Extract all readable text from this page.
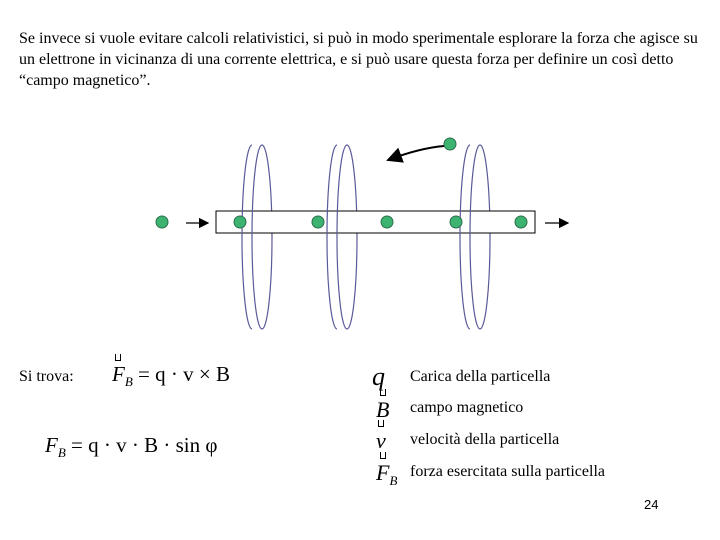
Se invece si vuole evitare calcoli relativistici, si può in modo sperimentale esplorare la forza che agisce su un elettrone in vicinanza di una corrente elettrica, e si può usare questa forza per definire un così detto “campo magnetico”.
Si trova: $F_B = q \cdot v \times B$
$F_B = q \cdot v \cdot B \cdot \sin \varphi$
q Carica della particella
B campo magnetico
v velocità della particella
$F_B$
forza esercitata sulla particella
24
